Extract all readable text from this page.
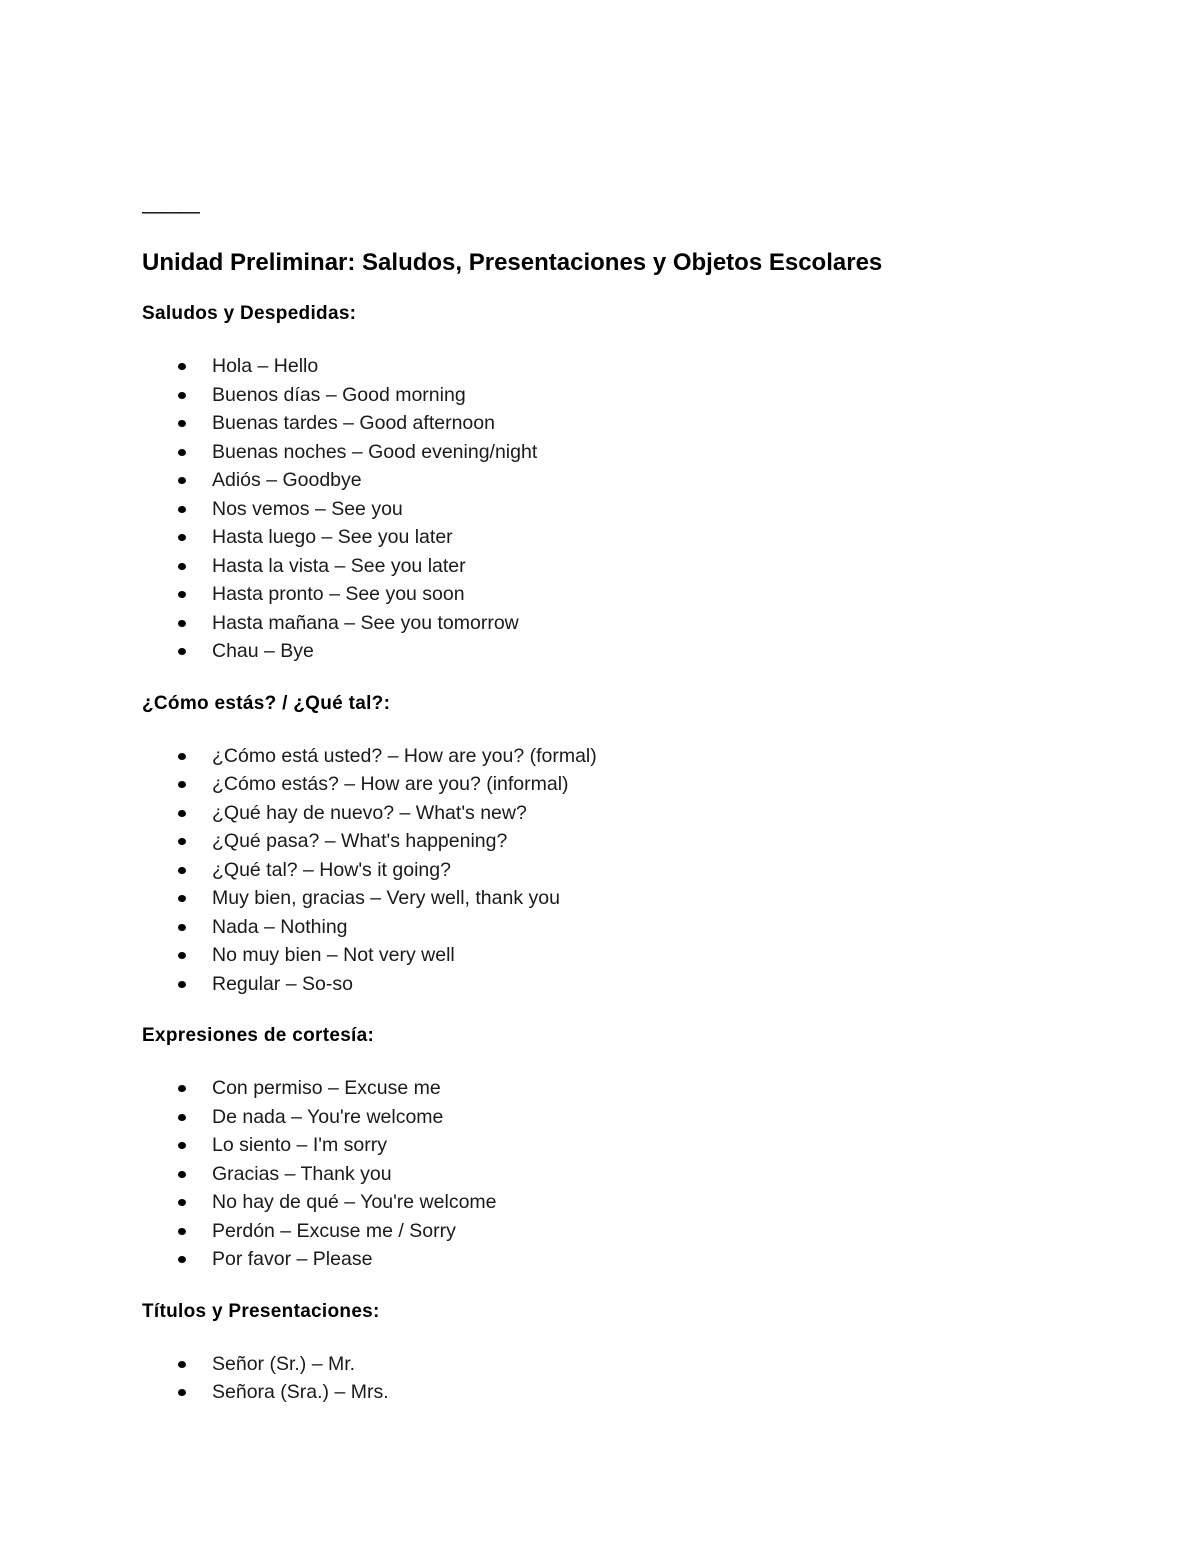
———
Unidad Preliminar: Saludos, Presentaciones y Objetos Escolares
Saludos y Despedidas:
Hola – Hello
Buenos días – Good morning
Buenas tardes – Good afternoon
Buenas noches – Good evening/night
Adiós – Goodbye
Nos vemos – See you
Hasta luego – See you later
Hasta la vista – See you later
Hasta pronto – See you soon
Hasta mañana – See you tomorrow
Chau – Bye
¿Cómo estás? / ¿Qué tal?:
¿Cómo está usted? – How are you? (formal)
¿Cómo estás? – How are you? (informal)
¿Qué hay de nuevo? – What's new?
¿Qué pasa? – What's happening?
¿Qué tal? – How's it going?
Muy bien, gracias – Very well, thank you
Nada – Nothing
No muy bien – Not very well
Regular – So-so
Expresiones de cortesía:
Con permiso – Excuse me
De nada – You're welcome
Lo siento – I'm sorry
Gracias – Thank you
No hay de qué – You're welcome
Perdón – Excuse me / Sorry
Por favor – Please
Títulos y Presentaciones:
Señor (Sr.) – Mr.
Señora (Sra.) – Mrs.
